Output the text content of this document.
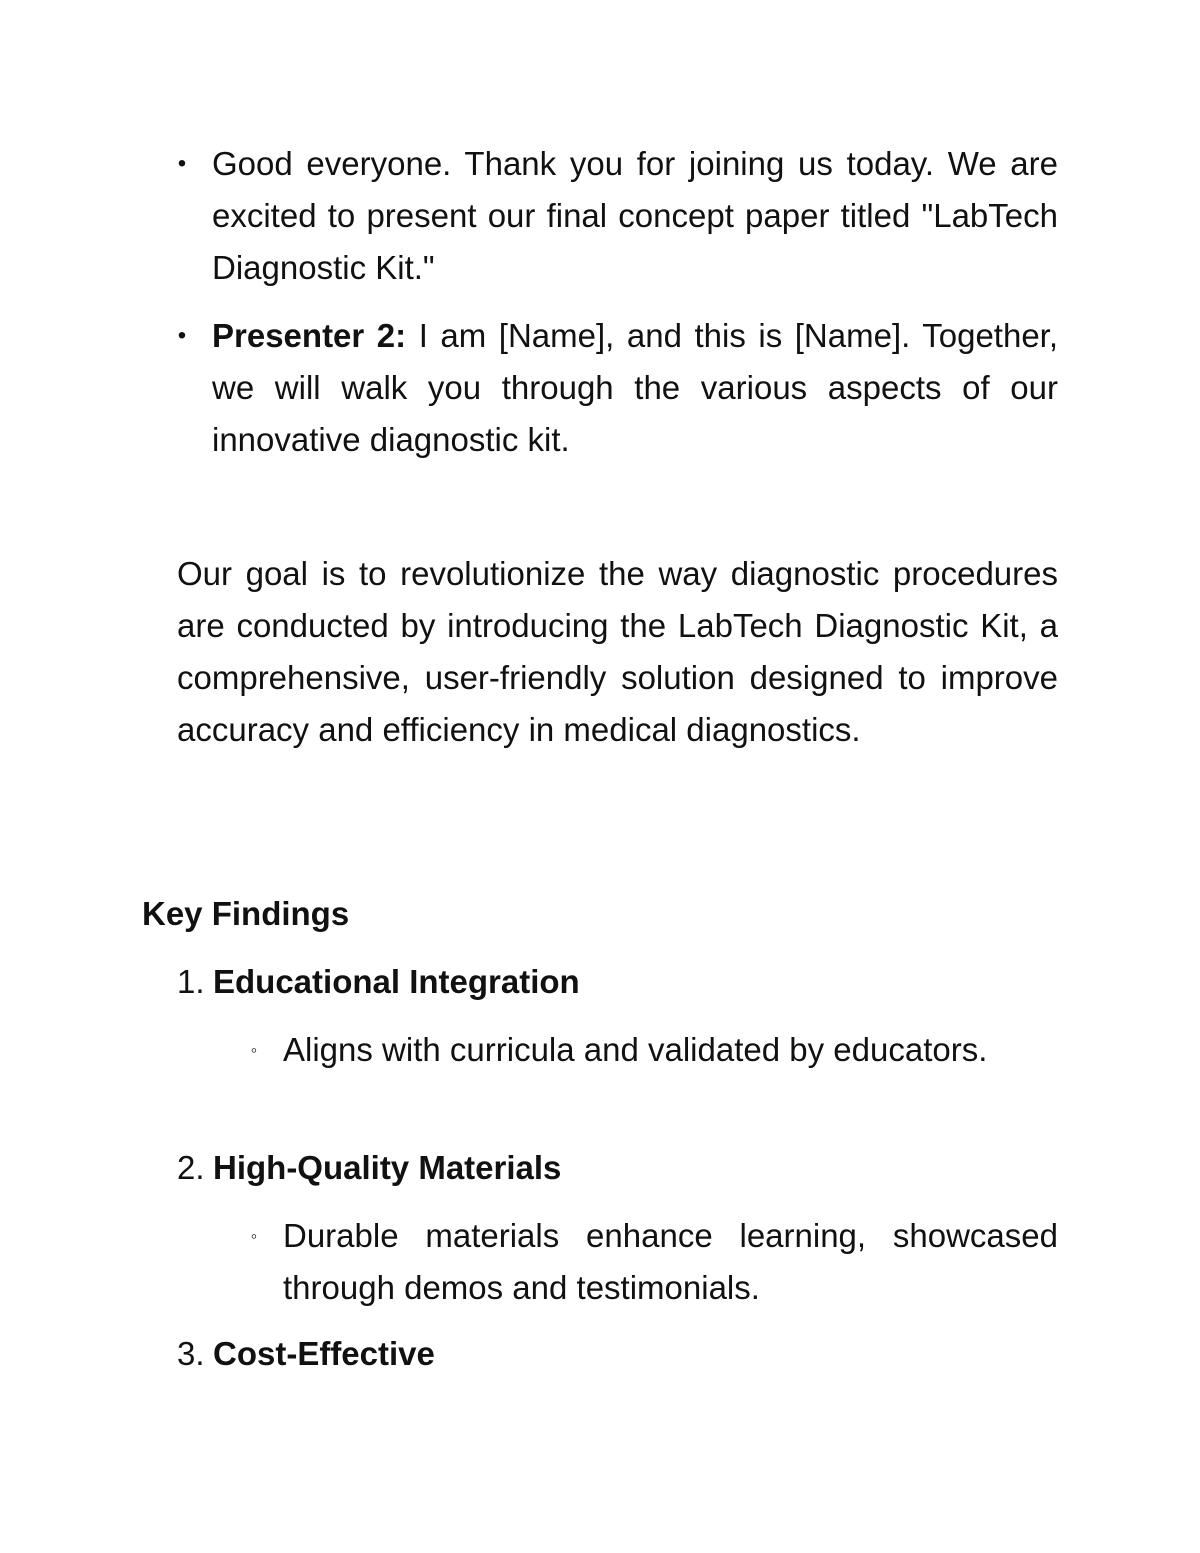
•
Good everyone. Thank you for joining us today. We are excited to present our final concept paper titled "LabTech Diagnostic Kit."
•
Presenter 2: I am [Name], and this is [Name]. Together, we will walk you through the various aspects of our innovative diagnostic kit.

Our goal is to revolutionize the way diagnostic procedures are conducted by introducing the LabTech Diagnostic Kit, a comprehensive, user-friendly solution designed to improve accuracy and efficiency in medical diagnostics.

Key Findings
1. Educational Integration
◦
Aligns with curricula and validated by educators.
2. High-Quality Materials
◦
Durable materials enhance learning, showcased through demos and testimonials.
3. Cost-Effective
